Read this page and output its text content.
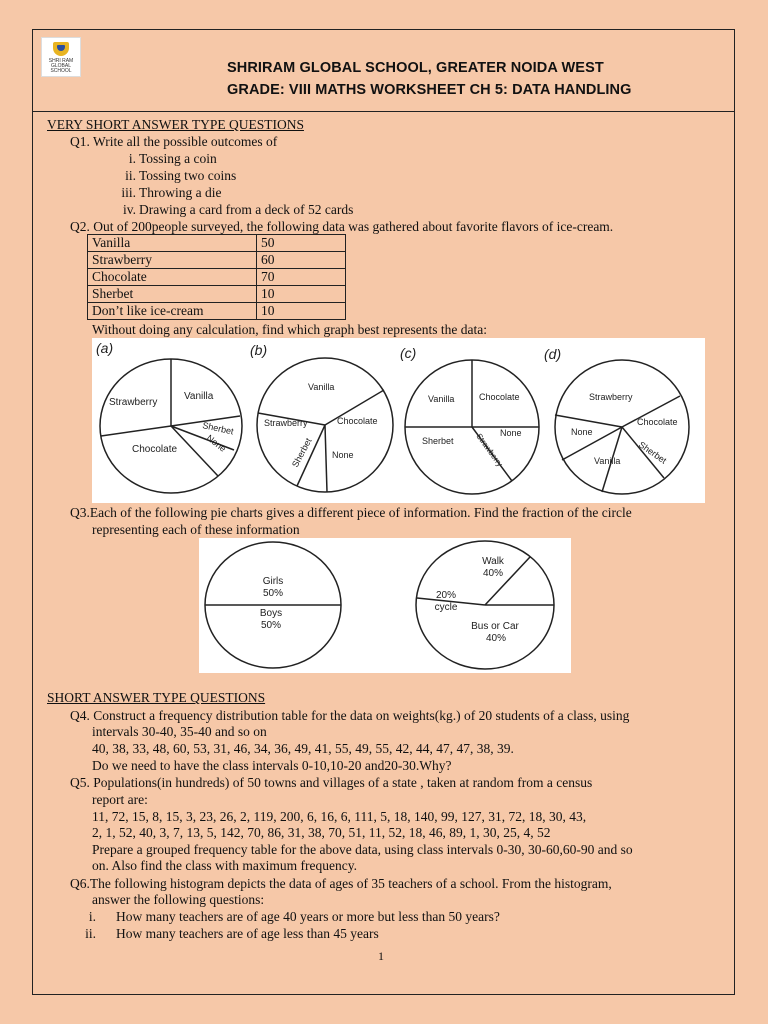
SHRI RAM GLOBAL SCHOOL	SHRIRAM GLOBAL SCHOOL, GREATER NOIDA WEST
GRADE: VIII MATHS WORKSHEET CH 5: DATA HANDLING
VERY SHORT ANSWER TYPE QUESTIONS
Q1. Write all the possible outcomes of
i. Tossing a coin
ii. Tossing two coins
iii. Throwing a die
iv. Drawing a card from a deck of 52 cards
Q2. Out of 200people surveyed, the following data was gathered about favorite flavors of ice-cream.
Vanilla	50
Strawberry	60
Chocolate	70
Sherbet	10
Don’t like ice-cream	10
Without doing any calculation, find which graph best represents the data:
(a)	(b)	(c)	(d)
Strawberry
Vanilla
Sherbet
None
Chocolate
Vanilla
Strawberry	Chocolate
Sherbet None
Vanilla	Chocolate
Sherbet
None
Strawberry
Strawberry
Chocolate
None
Sherbet
Vanilla
Q3.Each of the following pie charts gives a different piece of information. Find the fraction of the circle
representing each of these information
Girls
50%
Boys
50%
Walk
40%
20%
cycle
Bus or Car
40%
SHORT ANSWER TYPE QUESTIONS
Q4. Construct a frequency distribution table for the data on weights(kg.) of 20 students of a class, using
intervals 30-40, 35-40 and so on
40, 38, 33, 48, 60, 53, 31, 46, 34, 36, 49, 41, 55, 49, 55, 42, 44, 47, 47, 38, 39.
Do we need to have the class intervals 0-10,10-20 and20-30.Why?
Q5. Populations(in hundreds) of 50 towns and villages of a state , taken at random from a census
report are:
11, 72, 15, 8, 15, 3, 23, 26, 2, 119, 200, 6, 16, 6, 111, 5, 18, 140, 99, 127, 31, 72, 18, 30, 43,
2, 1, 52, 40, 3, 7, 13, 5, 142, 70, 86, 31, 38, 70, 51, 11, 52, 18, 46, 89, 1, 30, 25, 4, 52
Prepare a grouped frequency table for the above data, using class intervals 0-30, 30-60,60-90 and so
on. Also find the class with maximum frequency.
Q6.The following histogram depicts the data of ages of 35 teachers of a school. From the histogram,
answer the following questions:
i. How many teachers are of age 40 years or more but less than 50 years?
ii. How many teachers are of age less than 45 years
1
